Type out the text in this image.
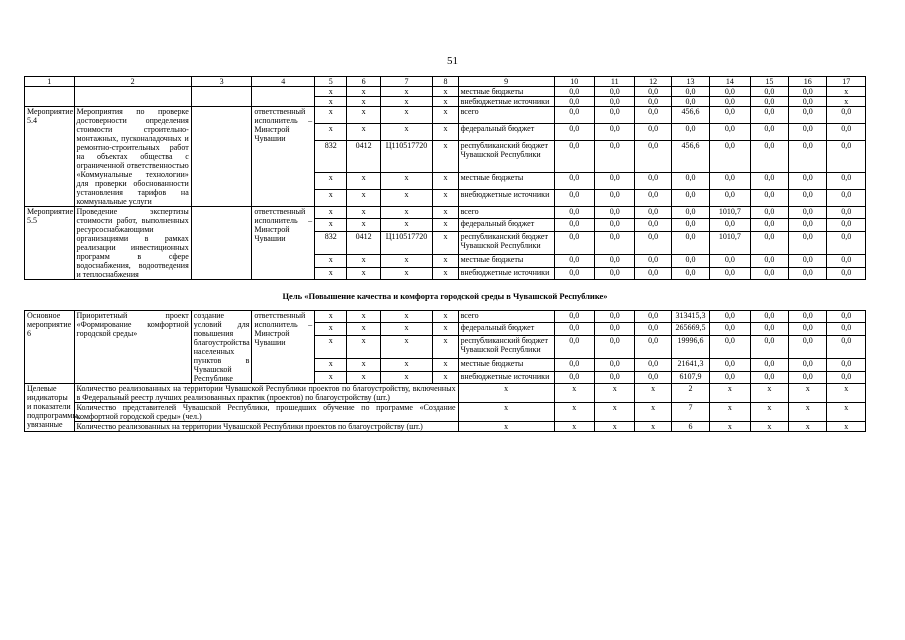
51
1	2	3	4	5	6	7	8	9	10	11	12	13	14	15	16	17
				x	x	x	x	местные бюджеты	0,0	0,0	0,0	0,0	0,0	0,0	0,0	x
				x	x	x	x	внебюджетные источники	0,0	0,0	0,0	0,0	0,0	0,0	0,0	x
Мероприятие 5.4	Мероприятия по проверке достоверности определения стоимости строительно-монтажных, пусконаладочных и ремонтно-строительных работ на объектах общества с ограниченной ответственностью «Коммунальные технологии» для проверки обоснованности установления тарифов на коммунальные услуги		ответственный исполнитель – Минстрой Чувашии	x	x	x	x	всего	0,0	0,0	0,0	456,6	0,0	0,0	0,0	0,0
				x	x	x	x	федеральный бюджет	0,0	0,0	0,0	0,0	0,0	0,0	0,0	0,0
				832	0412	Ц110517720	x	республиканский бюджет Чувашской Республики	0,0	0,0	0,0	456,6	0,0	0,0	0,0	0,0
				x	x	x	x	местные бюджеты	0,0	0,0	0,0	0,0	0,0	0,0	0,0	0,0
				x	x	x	x	внебюджетные источники	0,0	0,0	0,0	0,0	0,0	0,0	0,0	0,0
Мероприятие 5.5	Проведение экспертизы стоимости работ, выполненных ресурсоснабжающими организациями в рамках реализации инвестиционных программ в сфере водоснабжения, водоотведения и теплоснабжения		ответственный исполнитель – Минстрой Чувашии	x	x	x	x	всего	0,0	0,0	0,0	0,0	1010,7	0,0	0,0	0,0
				x	x	x	x	федеральный бюджет	0,0	0,0	0,0	0,0	0,0	0,0	0,0	0,0
				832	0412	Ц110517720	x	республиканский бюджет Чувашской Республики	0,0	0,0	0,0	0,0	1010,7	0,0	0,0	0,0
				x	x	x	x	местные бюджеты	0,0	0,0	0,0	0,0	0,0	0,0	0,0	0,0
				x	x	x	x	внебюджетные источники	0,0	0,0	0,0	0,0	0,0	0,0	0,0	0,0
Цель «Повышение качества и комфорта городской среды в Чувашской Республике»																
Основное мероприятие 6	Приоритетный проект «Формирование комфортной городской среды»	создание условий для повышения благоустройства населенных пунктов в Чувашской Республике	ответственный исполнитель – Минстрой Чувашии	x	x	x	x	всего	0,0	0,0	0,0	313415,3	0,0	0,0	0,0	0,0
				x	x	x	x	федеральный бюджет	0,0	0,0	0,0	265669,5	0,0	0,0	0,0	0,0
				x	x	x	x	республиканский бюджет Чувашской Республики	0,0	0,0	0,0	19996,6	0,0	0,0	0,0	0,0
				x	x	x	x	местные бюджеты	0,0	0,0	0,0	21641,3	0,0	0,0	0,0	0,0
				x	x	x	x	внебюджетные источники	0,0	0,0	0,0	6107,9	0,0	0,0	0,0	0,0
Целевые индикаторы и показатели подпрограммы, увязанные	Количество реализованных на территории Чувашской Республики проектов по благоустройству, включенных в Федеральный реестр лучших реализованных практик (проектов) по благоустройству (шт.)							x	x	x	x	2	x	x	x	x
	Количество представителей Чувашской Республики, прошедших обучение по программе «Создание комфортной городской среды» (чел.)							x	x	x	x	7	x	x	x	x
	Количество реализованных на территории Чувашской Республики проектов по благоустройству (шт.)							x	x	x	x	6	x	x	x	x
